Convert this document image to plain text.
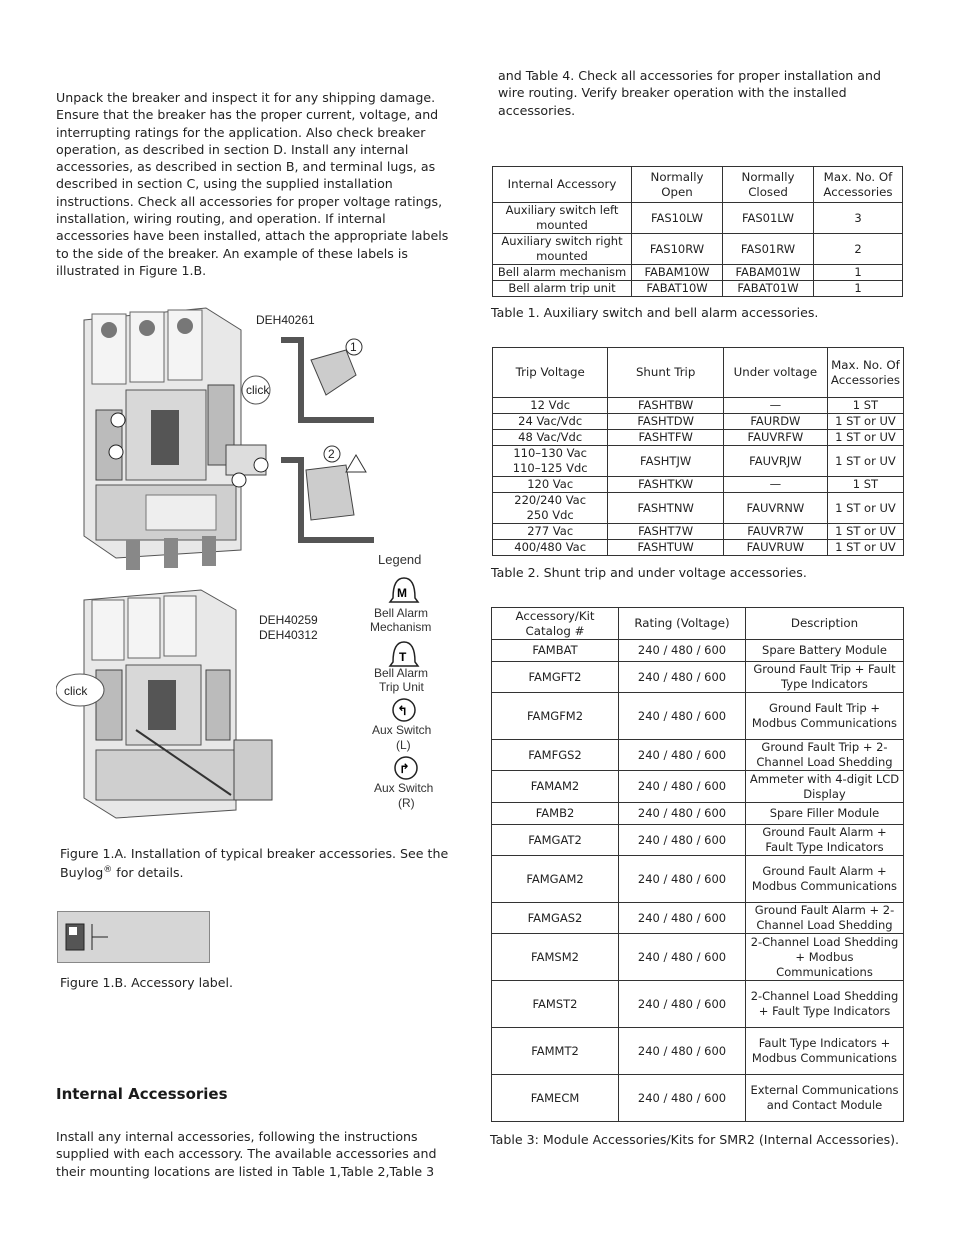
Unpack the breaker and inspect it for any shipping damage. Ensure that the breaker has the proper current, voltage, and interrupting ratings for the application. Also check breaker operation, as described in section D. Install any internal accessories, as described in section B, and terminal lugs, as described in section C, using the supplied installation instructions. Check all accessories for proper voltage ratings, installation, wiring routing, and operation. If internal accessories have been installed, attach the appropriate labels to the side of the breaker. An example of these labels is illustrated in Figure 1.B.

click
DEH40261
1
2
click
DEH40259
DEH40312
Legend
M
Bell Alarm
Mechanism
T
Bell Alarm
Trip Unit
↰
Aux Switch
(L)
↱
Aux Switch
(R)

Figure 1.A. Installation of typical breaker accessories. See the Buylog® for details.

Figure 1.B. Accessory label.

Internal Accessories

Install any internal accessories, following the instructions supplied with each accessory. The available accessories and their mounting locations are listed in Table 1,Table 2,Table 3

and Table 4. Check all accessories for proper installation and wire routing. Verify breaker operation with the installed accessories.

Internal Accessory	Normally Open	Normally Closed	Max. No. Of Accessories
Auxiliary switch left mounted	FAS10LW	FAS01LW	3
Auxiliary switch right mounted	FAS10RW	FAS01RW	2
Bell alarm mechanism	FABAM10W	FABAM01W	1
Bell alarm trip unit	FABAT10W	FABAT01W	1

Table 1. Auxiliary switch and bell alarm accessories.

Trip Voltage	Shunt Trip	Under voltage	Max. No. Of Accessories
12 Vdc	FASHTBW	—	1 ST
24 Vac/Vdc	FASHTDW	FAURDW	1 ST or UV
48 Vac/Vdc	FASHTFW	FAUVRFW	1 ST or UV
110–130 Vac
110–125 Vdc	FASHTJW	FAUVRJW	1 ST or UV
120 Vac	FASHTKW	—	1 ST
220/240 Vac
250 Vdc	FASHTNW	FAUVRNW	1 ST or UV
277 Vac	FASHT7W	FAUVR7W	1 ST or UV
400/480 Vac	FASHTUW	FAUVRUW	1 ST or UV

Table 2. Shunt trip and under voltage accessories.

Accessory/Kit Catalog #	Rating (Voltage)	Description
FAMBAT	240 / 480 / 600	Spare Battery Module
FAMGFT2	240 / 480 / 600	Ground Fault Trip + Fault Type Indicators
FAMGFM2	240 / 480 / 600	Ground Fault Trip + Modbus Communications
FAMFGS2	240 / 480 / 600	Ground Fault Trip + 2-Channel Load Shedding
FAMAM2	240 / 480 / 600	Ammeter with 4-digit LCD Display
FAMB2	240 / 480 / 600	Spare Filler Module
FAMGAT2	240 / 480 / 600	Ground Fault Alarm + Fault Type Indicators
FAMGAM2	240 / 480 / 600	Ground Fault Alarm + Modbus Communications
FAMGAS2	240 / 480 / 600	Ground Fault Alarm + 2-Channel Load Shedding
FAMSM2	240 / 480 / 600	2-Channel Load Shedding + Modbus Communications
FAMST2	240 / 480 / 600	2-Channel Load Shedding + Fault Type Indicators
FAMMT2	240 / 480 / 600	Fault Type Indicators + Modbus Communications
FAMECM	240 / 480 / 600	External Communications and Contact Module

Table 3: Module Accessories/Kits for SMR2 (Internal Accessories).
